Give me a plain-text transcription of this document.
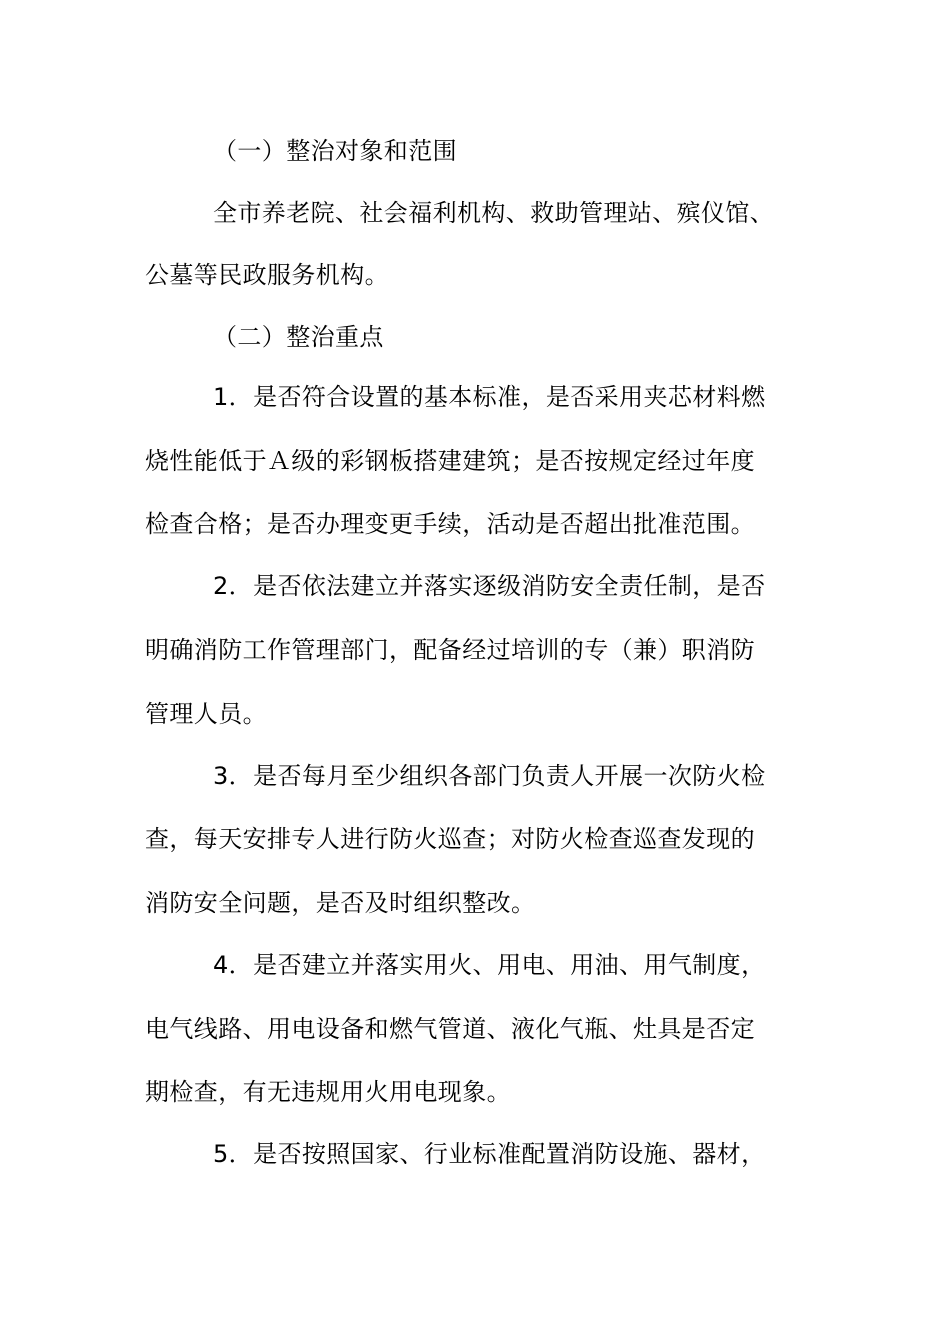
（一）整治对象和范围
全市养老院、社会福利机构、救助管理站、殡仪馆、
公墓等民政服务机构。
（二）整治重点
1．是否符合设置的基本标准，是否采用夹芯材料燃
烧性能低于Ａ级的彩钢板搭建建筑；是否按规定经过年度
检查合格；是否办理变更手续，活动是否超出批准范围。
2．是否依法建立并落实逐级消防安全责任制，是否
明确消防工作管理部门，配备经过培训的专（兼）职消防
管理人员。
3．是否每月至少组织各部门负责人开展一次防火检
查，每天安排专人进行防火巡查；对防火检查巡查发现的
消防安全问题，是否及时组织整改。
4．是否建立并落实用火、用电、用油、用气制度，
电气线路、用电设备和燃气管道、液化气瓶、灶具是否定
期检查，有无违规用火用电现象。
5．是否按照国家、行业标准配置消防设施、器材，
